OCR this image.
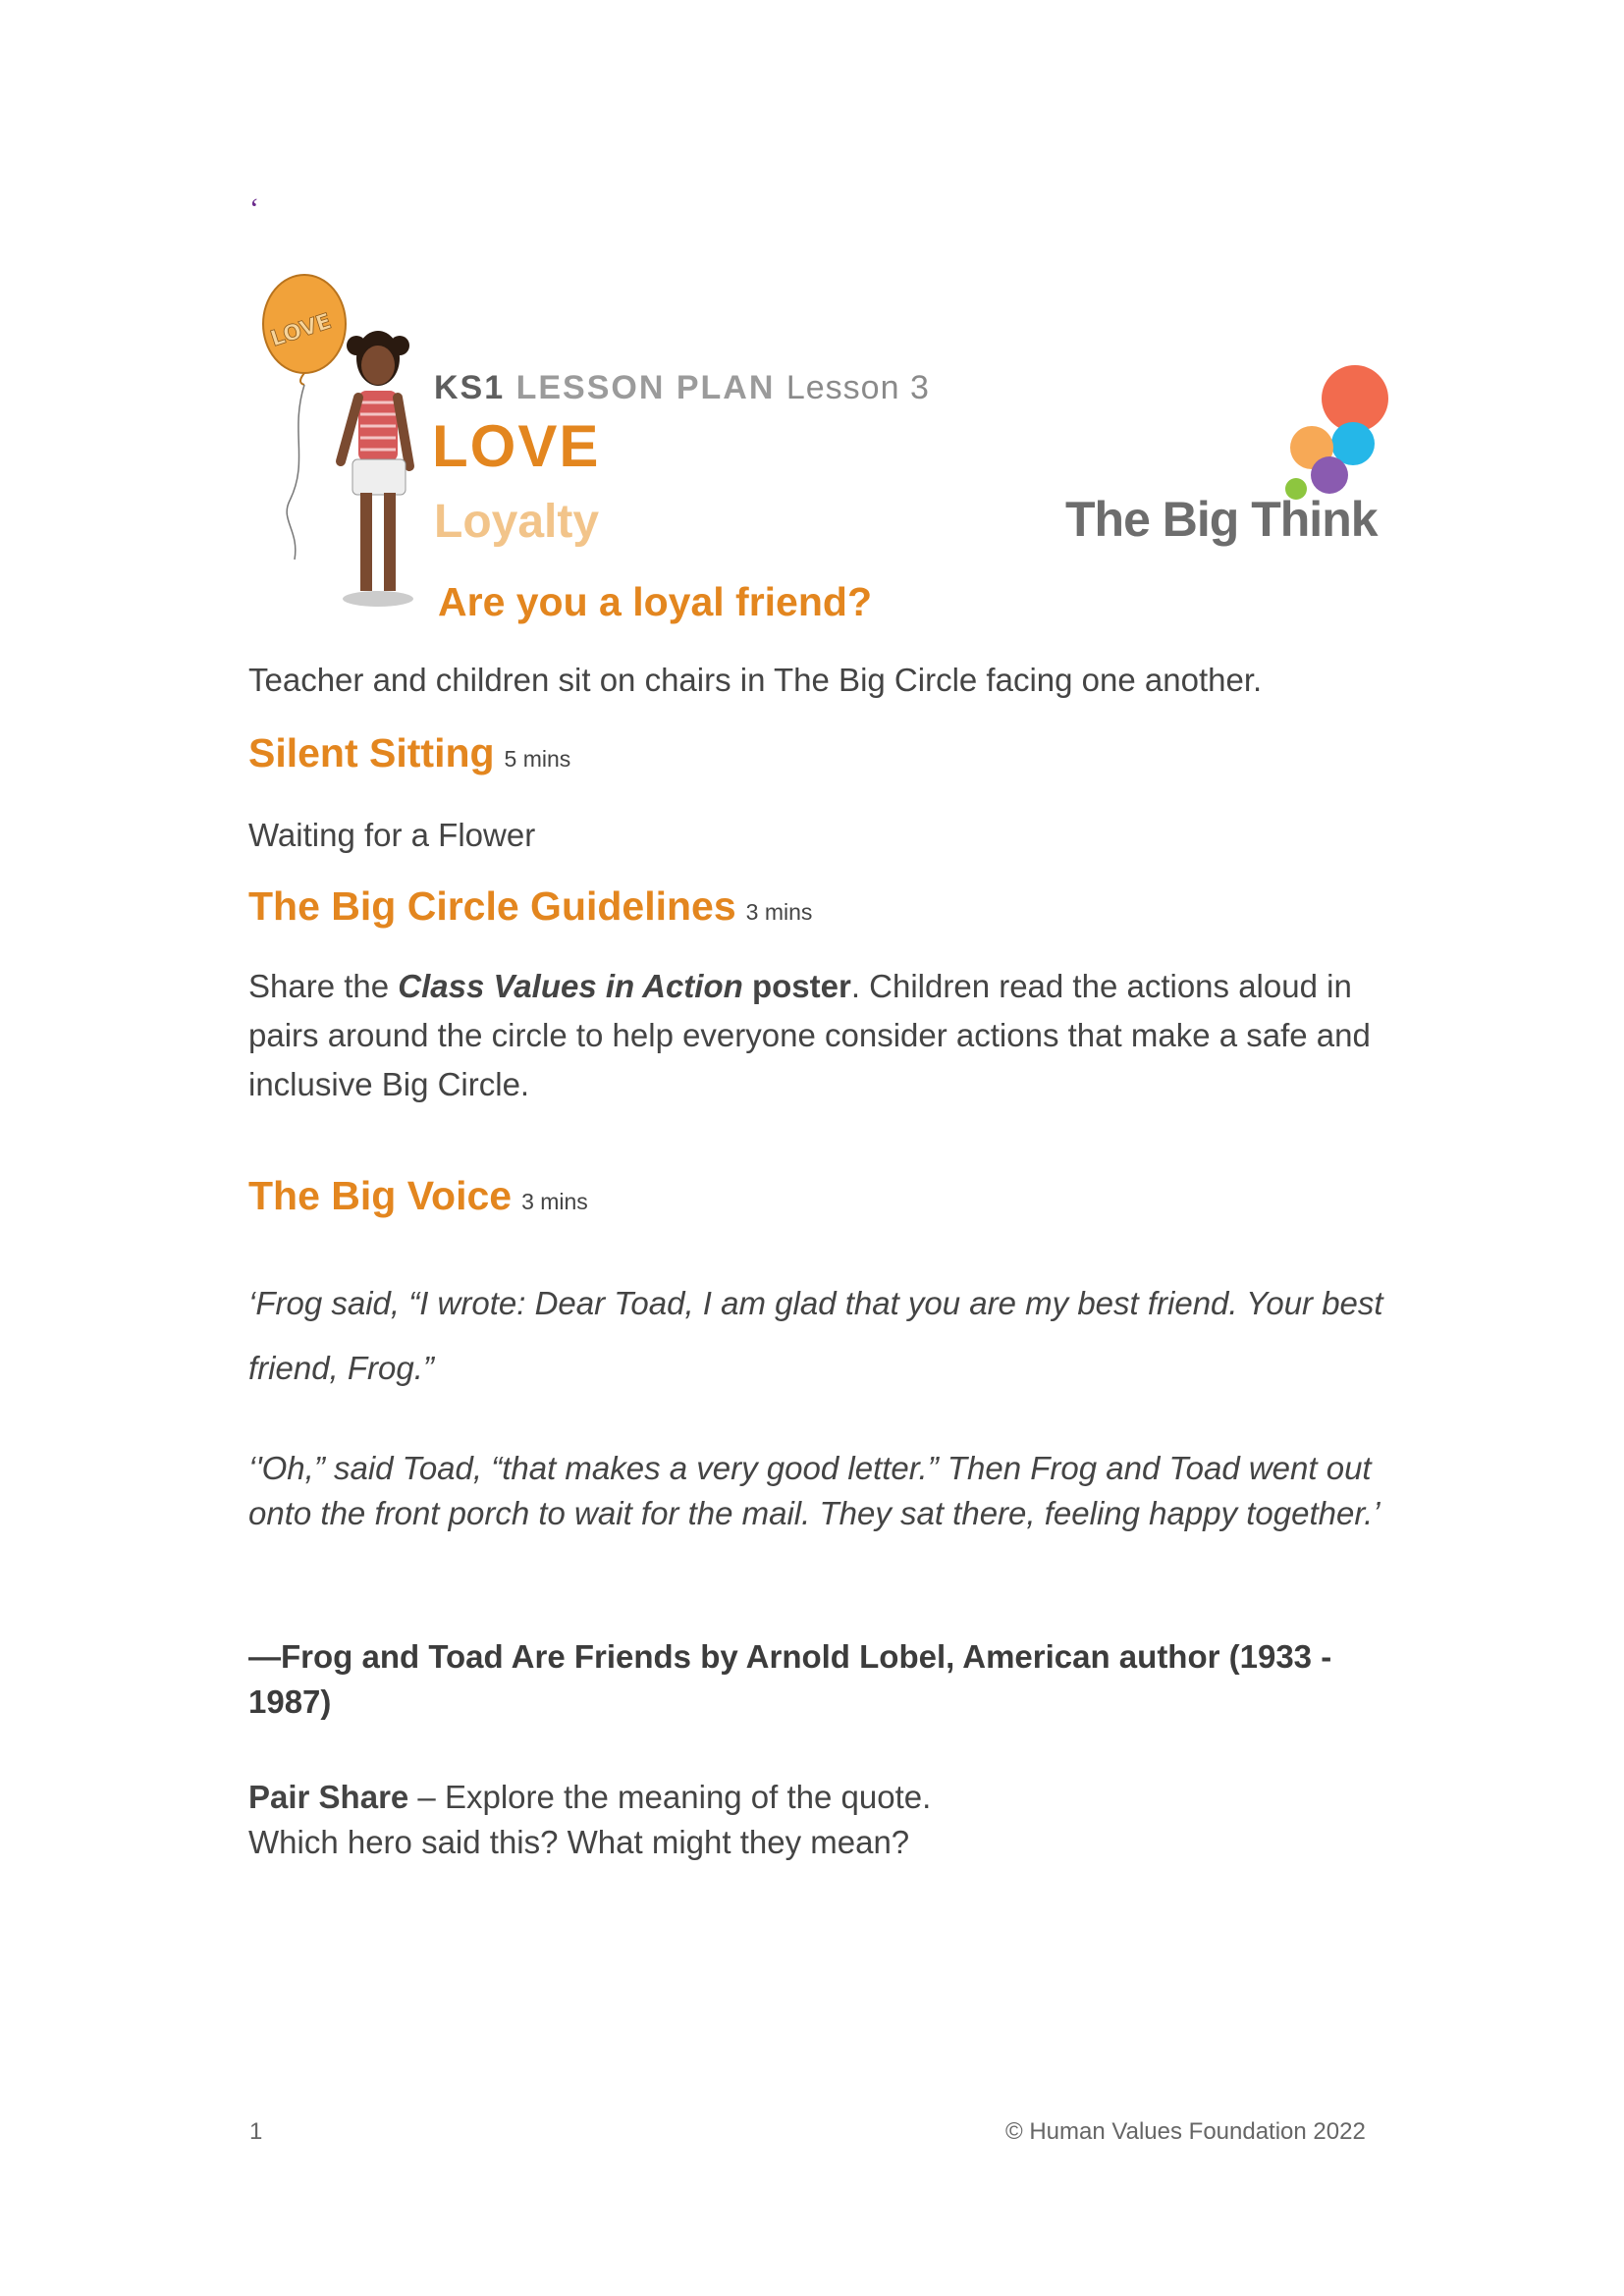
‘
LOVE
KS1 LESSON PLAN Lesson 3
LOVE
Loyalty
Are you a loyal friend?
The Big Think
Teacher and children sit on chairs in The Big Circle facing one another.
Silent Sitting 5 mins
Waiting for a Flower
The Big Circle Guidelines 3 mins
Share the Class Values in Action poster. Children read the actions aloud in pairs around the circle to help everyone consider actions that make a safe and inclusive Big Circle.
The Big Voice 3 mins
‘Frog said, “I wrote: Dear Toad, I am glad that you are my best friend. Your best friend, Frog.”
‘'Oh,” said Toad, “that makes a very good letter.” Then Frog and Toad went out onto the front porch to wait for the mail. They sat there, feeling happy together.’
—Frog and Toad Are Friends by Arnold Lobel, American author (1933 - 1987)
Pair Share – Explore the meaning of the quote.
Which hero said this? What might they mean?
1	© Human Values Foundation 2022
